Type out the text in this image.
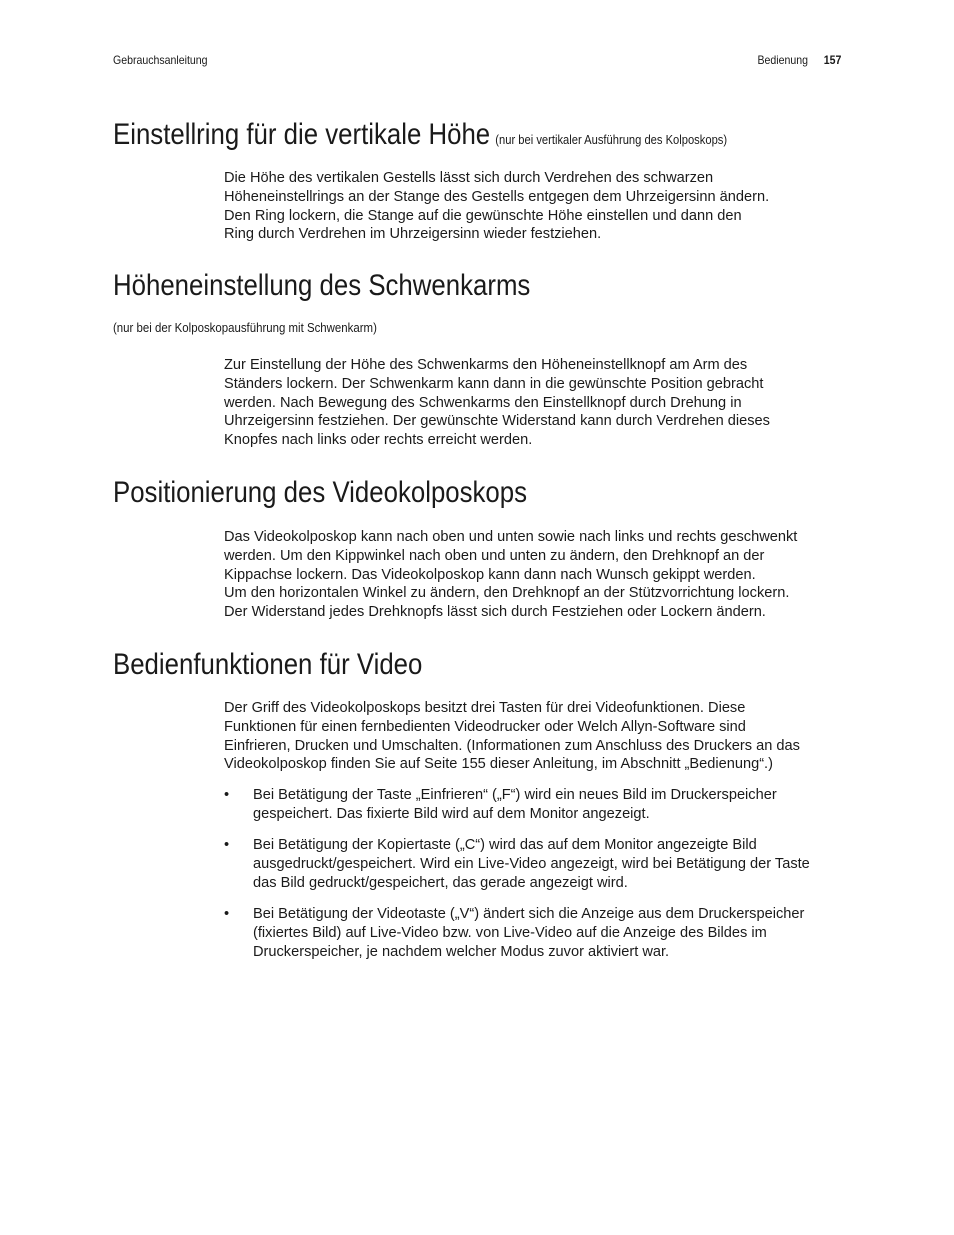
Gebrauchsanleitung	Bedienung 157
Einstellring für die vertikale Höhe (nur bei vertikaler Ausführung des Kolposkops)
Die Höhe des vertikalen Gestells lässt sich durch Verdrehen des schwarzen
Höheneinstellrings an der Stange des Gestells entgegen dem Uhrzeigersinn ändern.
Den Ring lockern, die Stange auf die gewünschte Höhe einstellen und dann den
Ring durch Verdrehen im Uhrzeigersinn wieder festziehen.
Höheneinstellung des Schwenkarms
(nur bei der Kolposkopausführung mit Schwenkarm)
Zur Einstellung der Höhe des Schwenkarms den Höheneinstellknopf am Arm des
Ständers lockern. Der Schwenkarm kann dann in die gewünschte Position gebracht
werden. Nach Bewegung des Schwenkarms den Einstellknopf durch Drehung in
Uhrzeigersinn festziehen. Der gewünschte Widerstand kann durch Verdrehen dieses
Knopfes nach links oder rechts erreicht werden.
Positionierung des Videokolposkops
Das Videokolposkop kann nach oben und unten sowie nach links und rechts geschwenkt
werden. Um den Kippwinkel nach oben und unten zu ändern, den Drehknopf an der
Kippachse lockern. Das Videokolposkop kann dann nach Wunsch gekippt werden.
Um den horizontalen Winkel zu ändern, den Drehknopf an der Stützvorrichtung lockern.
Der Widerstand jedes Drehknopfs lässt sich durch Festziehen oder Lockern ändern.
Bedienfunktionen für Video
Der Griff des Videokolposkops besitzt drei Tasten für drei Videofunktionen. Diese
Funktionen für einen fernbedienten Videodrucker oder Welch Allyn-Software sind
Einfrieren, Drucken und Umschalten. (Informationen zum Anschluss des Druckers an das
Videokolposkop finden Sie auf Seite 155 dieser Anleitung, im Abschnitt „Bedienung“.)
• Bei Betätigung der Taste „Einfrieren“ („F“) wird ein neues Bild im Druckerspeicher
gespeichert. Das fixierte Bild wird auf dem Monitor angezeigt.
• Bei Betätigung der Kopiertaste („C“) wird das auf dem Monitor angezeigte Bild
ausgedruckt/gespeichert. Wird ein Live-Video angezeigt, wird bei Betätigung der Taste
das Bild gedruckt/gespeichert, das gerade angezeigt wird.
• Bei Betätigung der Videotaste („V“) ändert sich die Anzeige aus dem Druckerspeicher
(fixiertes Bild) auf Live-Video bzw. von Live-Video auf die Anzeige des Bildes im
Druckerspeicher, je nachdem welcher Modus zuvor aktiviert war.
